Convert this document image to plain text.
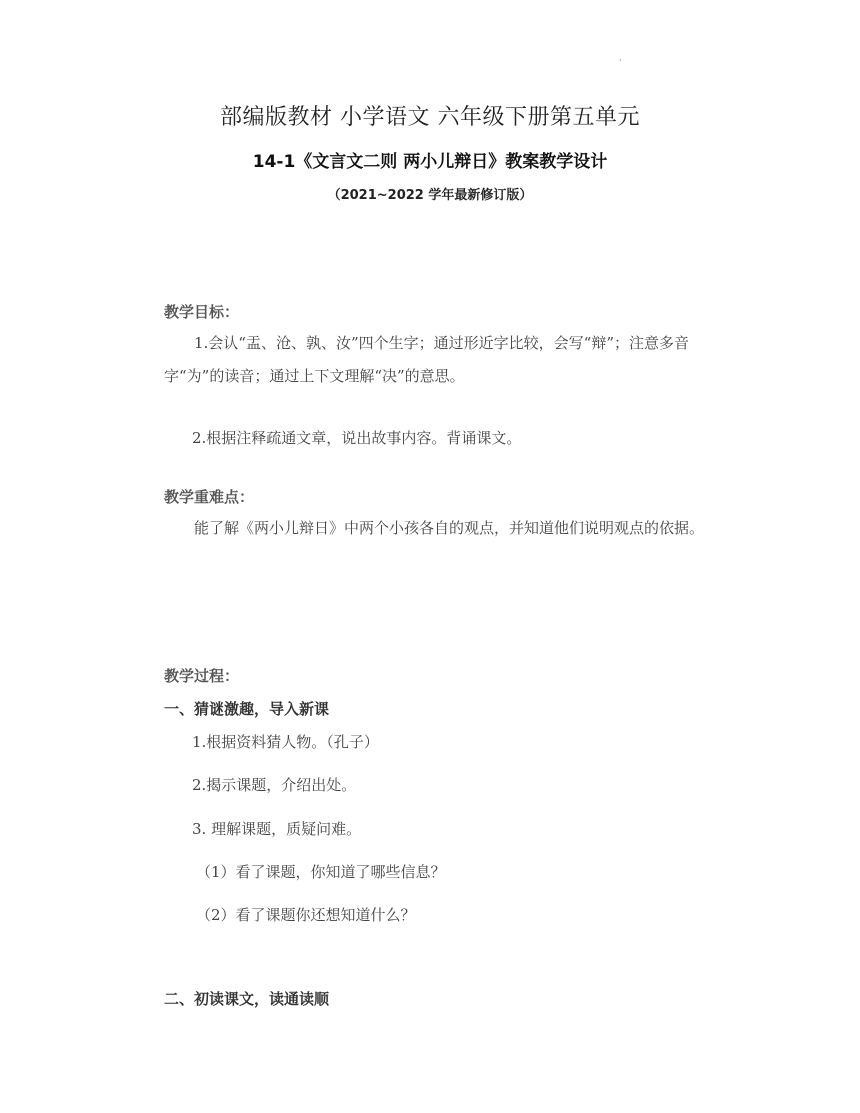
·
部编版教材 小学语文 六年级下册第五单元
14-1《文言文二则 两小儿辩日》教案教学设计
（2021~2022 学年最新修订版）
教学目标：
1.会认“盂、沧、孰、汝”四个生字；通过形近字比较，会写“辩”；注意多音字“为”的读音；通过上下文理解“决”的意思。
2.根据注释疏通文章，说出故事内容。背诵课文。
教学重难点：
能了解《两小儿辩日》中两个小孩各自的观点，并知道他们说明观点的依据。
教学过程：
一、猜谜激趣，导入新课
1.根据资料猜人物。（孔子）
2.揭示课题，介绍出处。
3. 理解课题，质疑问难。
（1）看了课题，你知道了哪些信息？
（2）看了课题你还想知道什么？
二、初读课文，读通读顺
